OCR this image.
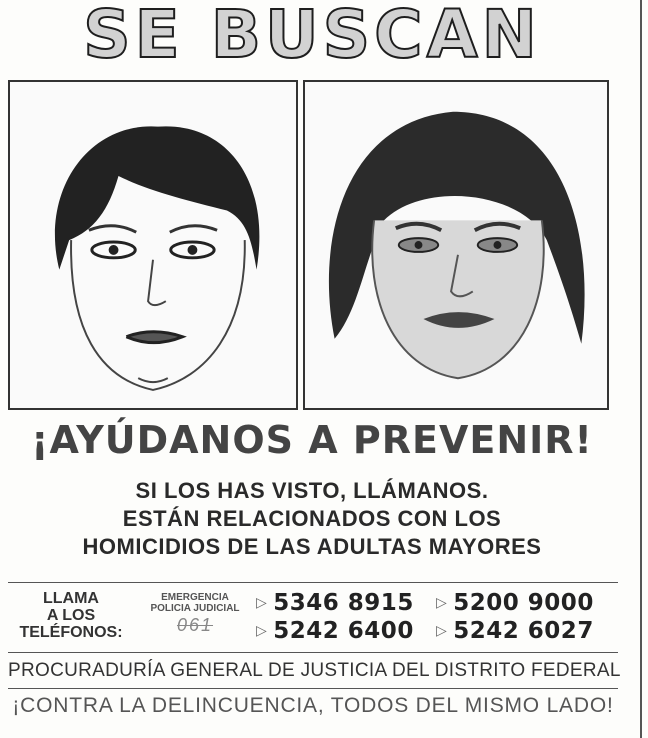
SE BUSCAN
¡AYÚDANOS A PREVENIR!
SI LOS HAS VISTO, LLÁMANOS.
ESTÁN RELACIONADOS CON LOS
HOMICIDIOS DE LAS ADULTAS MAYORES
LLAMA
A LOS
TELÉFONOS:
EMERGENCIA
POLICIA JUDICIAL
061
▷ 5346 8915 ▷ 5200 9000
▷ 5242 6400 ▷ 5242 6027
PROCURADURÍA GENERAL DE JUSTICIA DEL DISTRITO FEDERAL
¡CONTRA LA DELINCUENCIA, TODOS DEL MISMO LADO!
